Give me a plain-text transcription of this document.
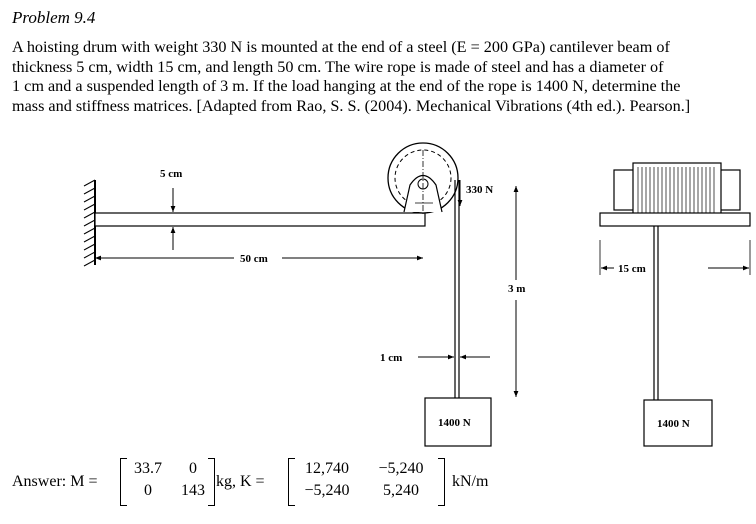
Problem 9.4
A hoisting drum with weight 330 N is mounted at the end of a steel (E = 200 GPa) cantilever beam of
thickness 5 cm, width 15 cm, and length 50 cm. The wire rope is made of steel and has a diameter of
1 cm and a suspended length of 3 m. If the load hanging at the end of the rope is 1400 N, determine the
mass and stiffness matrices. [Adapted from Rao, S. S. (2004). Mechanical Vibrations (4th ed.). Pearson.]
5 cm
50 cm
330 N
1 cm
3 m
1400 N
15 cm
1400 N
Answer: M =
33.7	0
0	143
kg, K =
12,740	−5,240
−5,240	5,240
kN/m
